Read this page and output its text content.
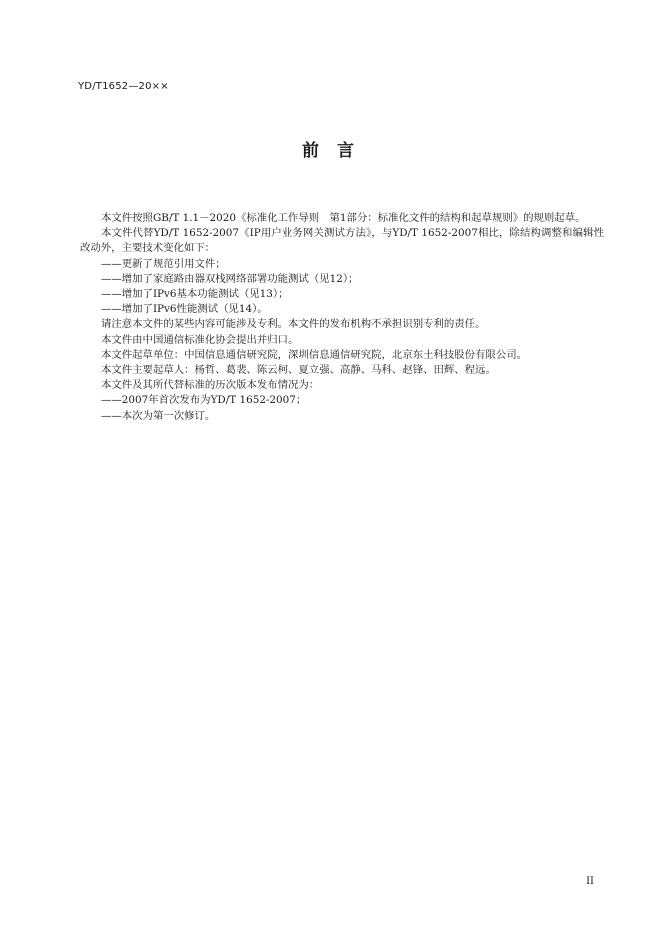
YD/T1652—20××
前 言

本文件按照GB/T 1.1－2020《标准化工作导则　第1部分：标准化文件的结构和起草规则》的规则起草。

本文件代替YD/T 1652-2007《IP用户业务网关测试方法》，与YD/T 1652-2007相比，除结构调整和编辑性改动外，主要技术变化如下：

——更新了规范引用文件；

——增加了家庭路由器双栈网络部署功能测试（见12）；

——增加了IPv6基本功能测试（见13）；

——增加了IPv6性能测试（见14）。

请注意本文件的某些内容可能涉及专利。本文件的发布机构不承担识别专利的责任。

本文件由中国通信标准化协会提出并归口。

本文件起草单位：中国信息通信研究院，深圳信息通信研究院，北京东土科技股份有限公司。

本文件主要起草人：杨哲、葛裴、陈云柯、夏立强、高静、马科、赵锋、田辉、程远。

本文件及其所代替标准的历次版本发布情况为：

——2007年首次发布为YD/T 1652-2007；

——本次为第一次修订。

II
